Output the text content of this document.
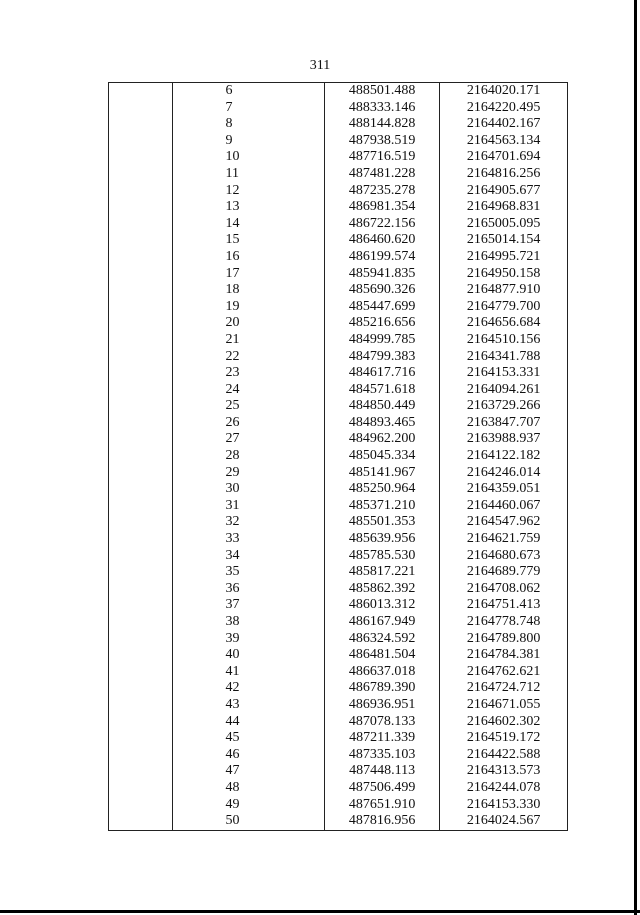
311
	6	488501.488	2164020.171
	7	488333.146	2164220.495
	8	488144.828	2164402.167
	9	487938.519	2164563.134
	10	487716.519	2164701.694
	11	487481.228	2164816.256
	12	487235.278	2164905.677
	13	486981.354	2164968.831
	14	486722.156	2165005.095
	15	486460.620	2165014.154
	16	486199.574	2164995.721
	17	485941.835	2164950.158
	18	485690.326	2164877.910
	19	485447.699	2164779.700
	20	485216.656	2164656.684
	21	484999.785	2164510.156
	22	484799.383	2164341.788
	23	484617.716	2164153.331
	24	484571.618	2164094.261
	25	484850.449	2163729.266
	26	484893.465	2163847.707
	27	484962.200	2163988.937
	28	485045.334	2164122.182
	29	485141.967	2164246.014
	30	485250.964	2164359.051
	31	485371.210	2164460.067
	32	485501.353	2164547.962
	33	485639.956	2164621.759
	34	485785.530	2164680.673
	35	485817.221	2164689.779
	36	485862.392	2164708.062
	37	486013.312	2164751.413
	38	486167.949	2164778.748
	39	486324.592	2164789.800
	40	486481.504	2164784.381
	41	486637.018	2164762.621
	42	486789.390	2164724.712
	43	486936.951	2164671.055
	44	487078.133	2164602.302
	45	487211.339	2164519.172
	46	487335.103	2164422.588
	47	487448.113	2164313.573
	48	487506.499	2164244.078
	49	487651.910	2164153.330
	50	487816.956	2164024.567
